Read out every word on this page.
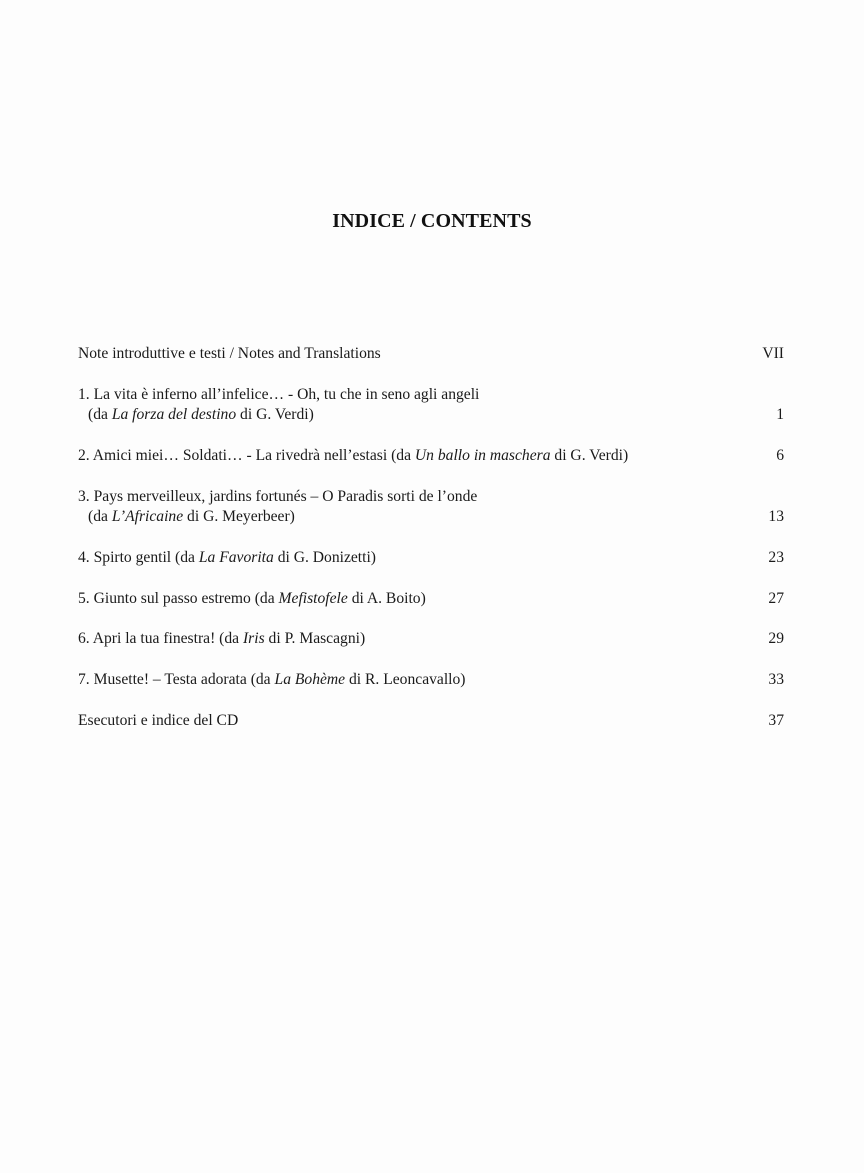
INDICE / CONTENTS
Note introduttive e testi / Notes and Translations	VII
1. La vita è inferno all’infelice… - Oh, tu che in seno agli angeli
(da La forza del destino di G. Verdi)	1
2. Amici miei… Soldati… - La rivedrà nell’estasi (da Un ballo in maschera di G. Verdi)	6
3. Pays merveilleux, jardins fortunés – O Paradis sorti de l’onde
(da L’Africaine di G. Meyerbeer)	13
4. Spirto gentil (da La Favorita di G. Donizetti)	23
5. Giunto sul passo estremo (da Mefistofele di A. Boito)	27
6. Apri la tua finestra! (da Iris di P. Mascagni)	29
7. Musette! – Testa adorata (da La Bohème di R. Leoncavallo)	33
Esecutori e indice del CD	37
